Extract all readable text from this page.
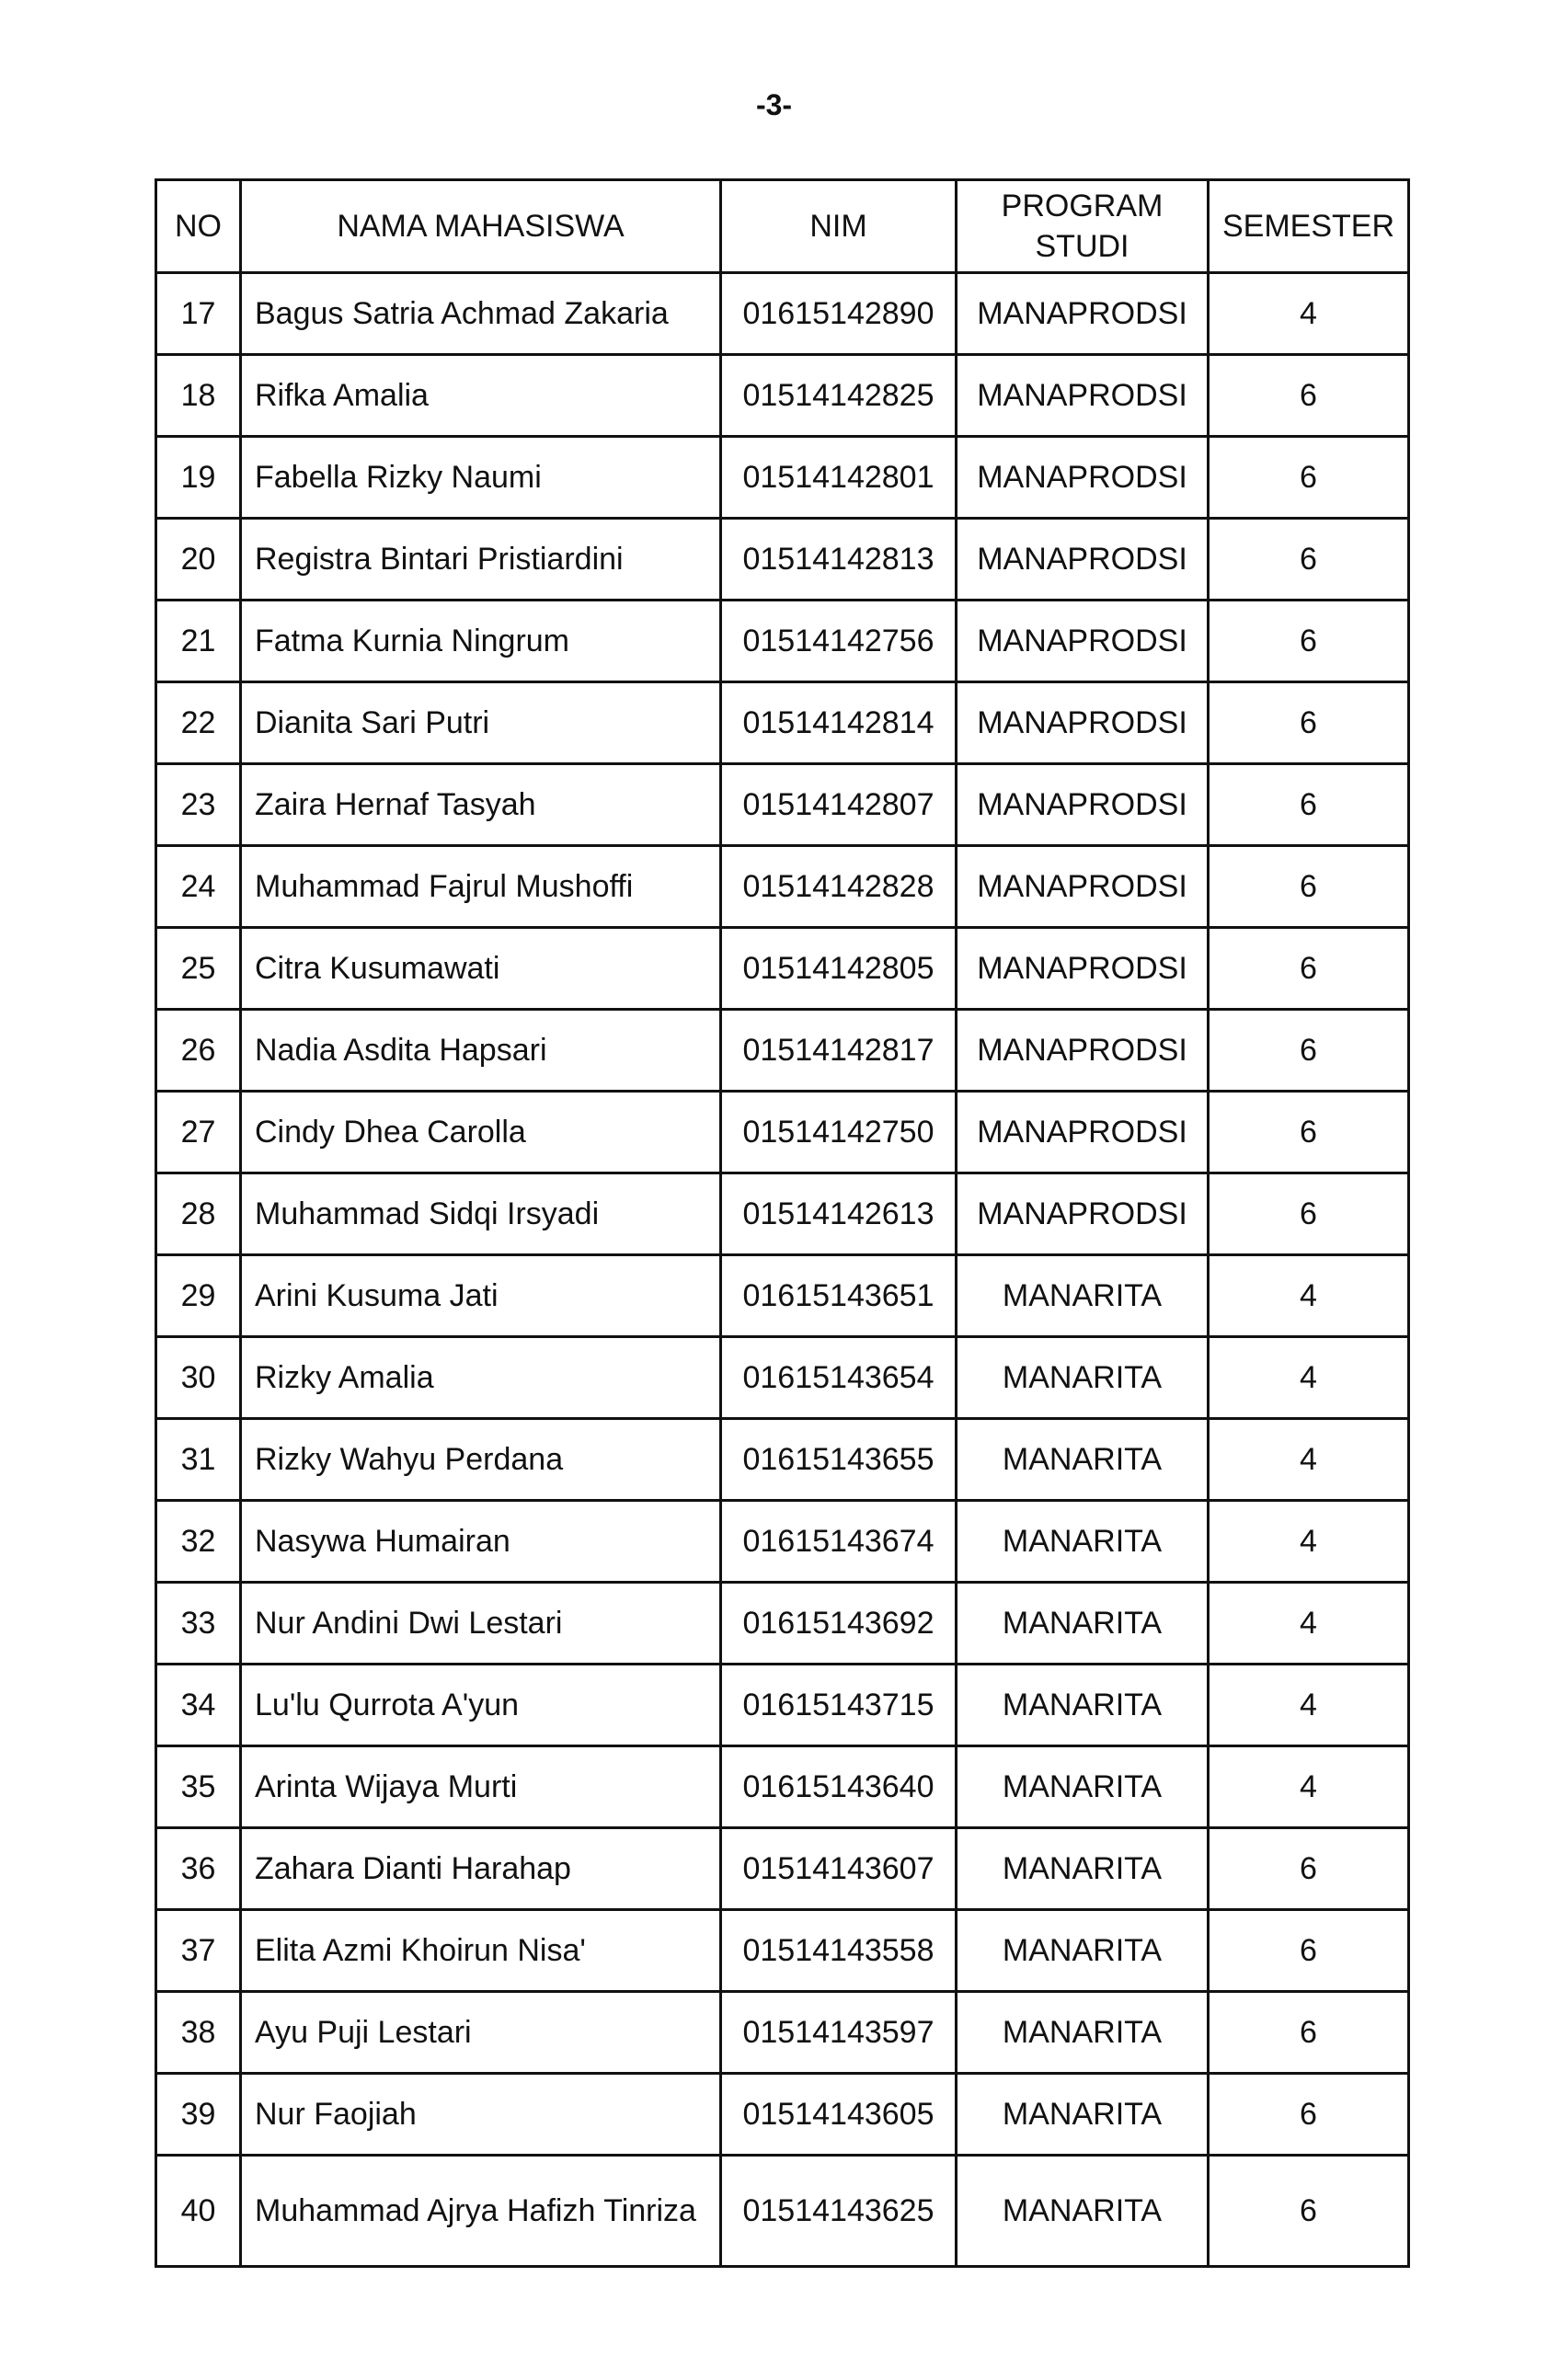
-3-
NO	NAMA MAHASISWA	NIM	PROGRAM STUDI	SEMESTER
17	Bagus Satria Achmad Zakaria	01615142890	MANAPRODSI	4
18	Rifka Amalia	01514142825	MANAPRODSI	6
19	Fabella Rizky Naumi	01514142801	MANAPRODSI	6
20	Registra Bintari Pristiardini	01514142813	MANAPRODSI	6
21	Fatma Kurnia Ningrum	01514142756	MANAPRODSI	6
22	Dianita Sari Putri	01514142814	MANAPRODSI	6
23	Zaira Hernaf Tasyah	01514142807	MANAPRODSI	6
24	Muhammad Fajrul Mushoffi	01514142828	MANAPRODSI	6
25	Citra Kusumawati	01514142805	MANAPRODSI	6
26	Nadia Asdita Hapsari	01514142817	MANAPRODSI	6
27	Cindy Dhea Carolla	01514142750	MANAPRODSI	6
28	Muhammad Sidqi Irsyadi	01514142613	MANAPRODSI	6
29	Arini Kusuma Jati	01615143651	MANARITA	4
30	Rizky Amalia	01615143654	MANARITA	4
31	Rizky Wahyu Perdana	01615143655	MANARITA	4
32	Nasywa Humairan	01615143674	MANARITA	4
33	Nur Andini Dwi Lestari	01615143692	MANARITA	4
34	Lu'lu Qurrota A'yun	01615143715	MANARITA	4
35	Arinta Wijaya Murti	01615143640	MANARITA	4
36	Zahara Dianti Harahap	01514143607	MANARITA	6
37	Elita Azmi Khoirun Nisa'	01514143558	MANARITA	6
38	Ayu Puji Lestari	01514143597	MANARITA	6
39	Nur Faojiah	01514143605	MANARITA	6
40	Muhammad Ajrya Hafizh Tinriza	01514143625	MANARITA	6
